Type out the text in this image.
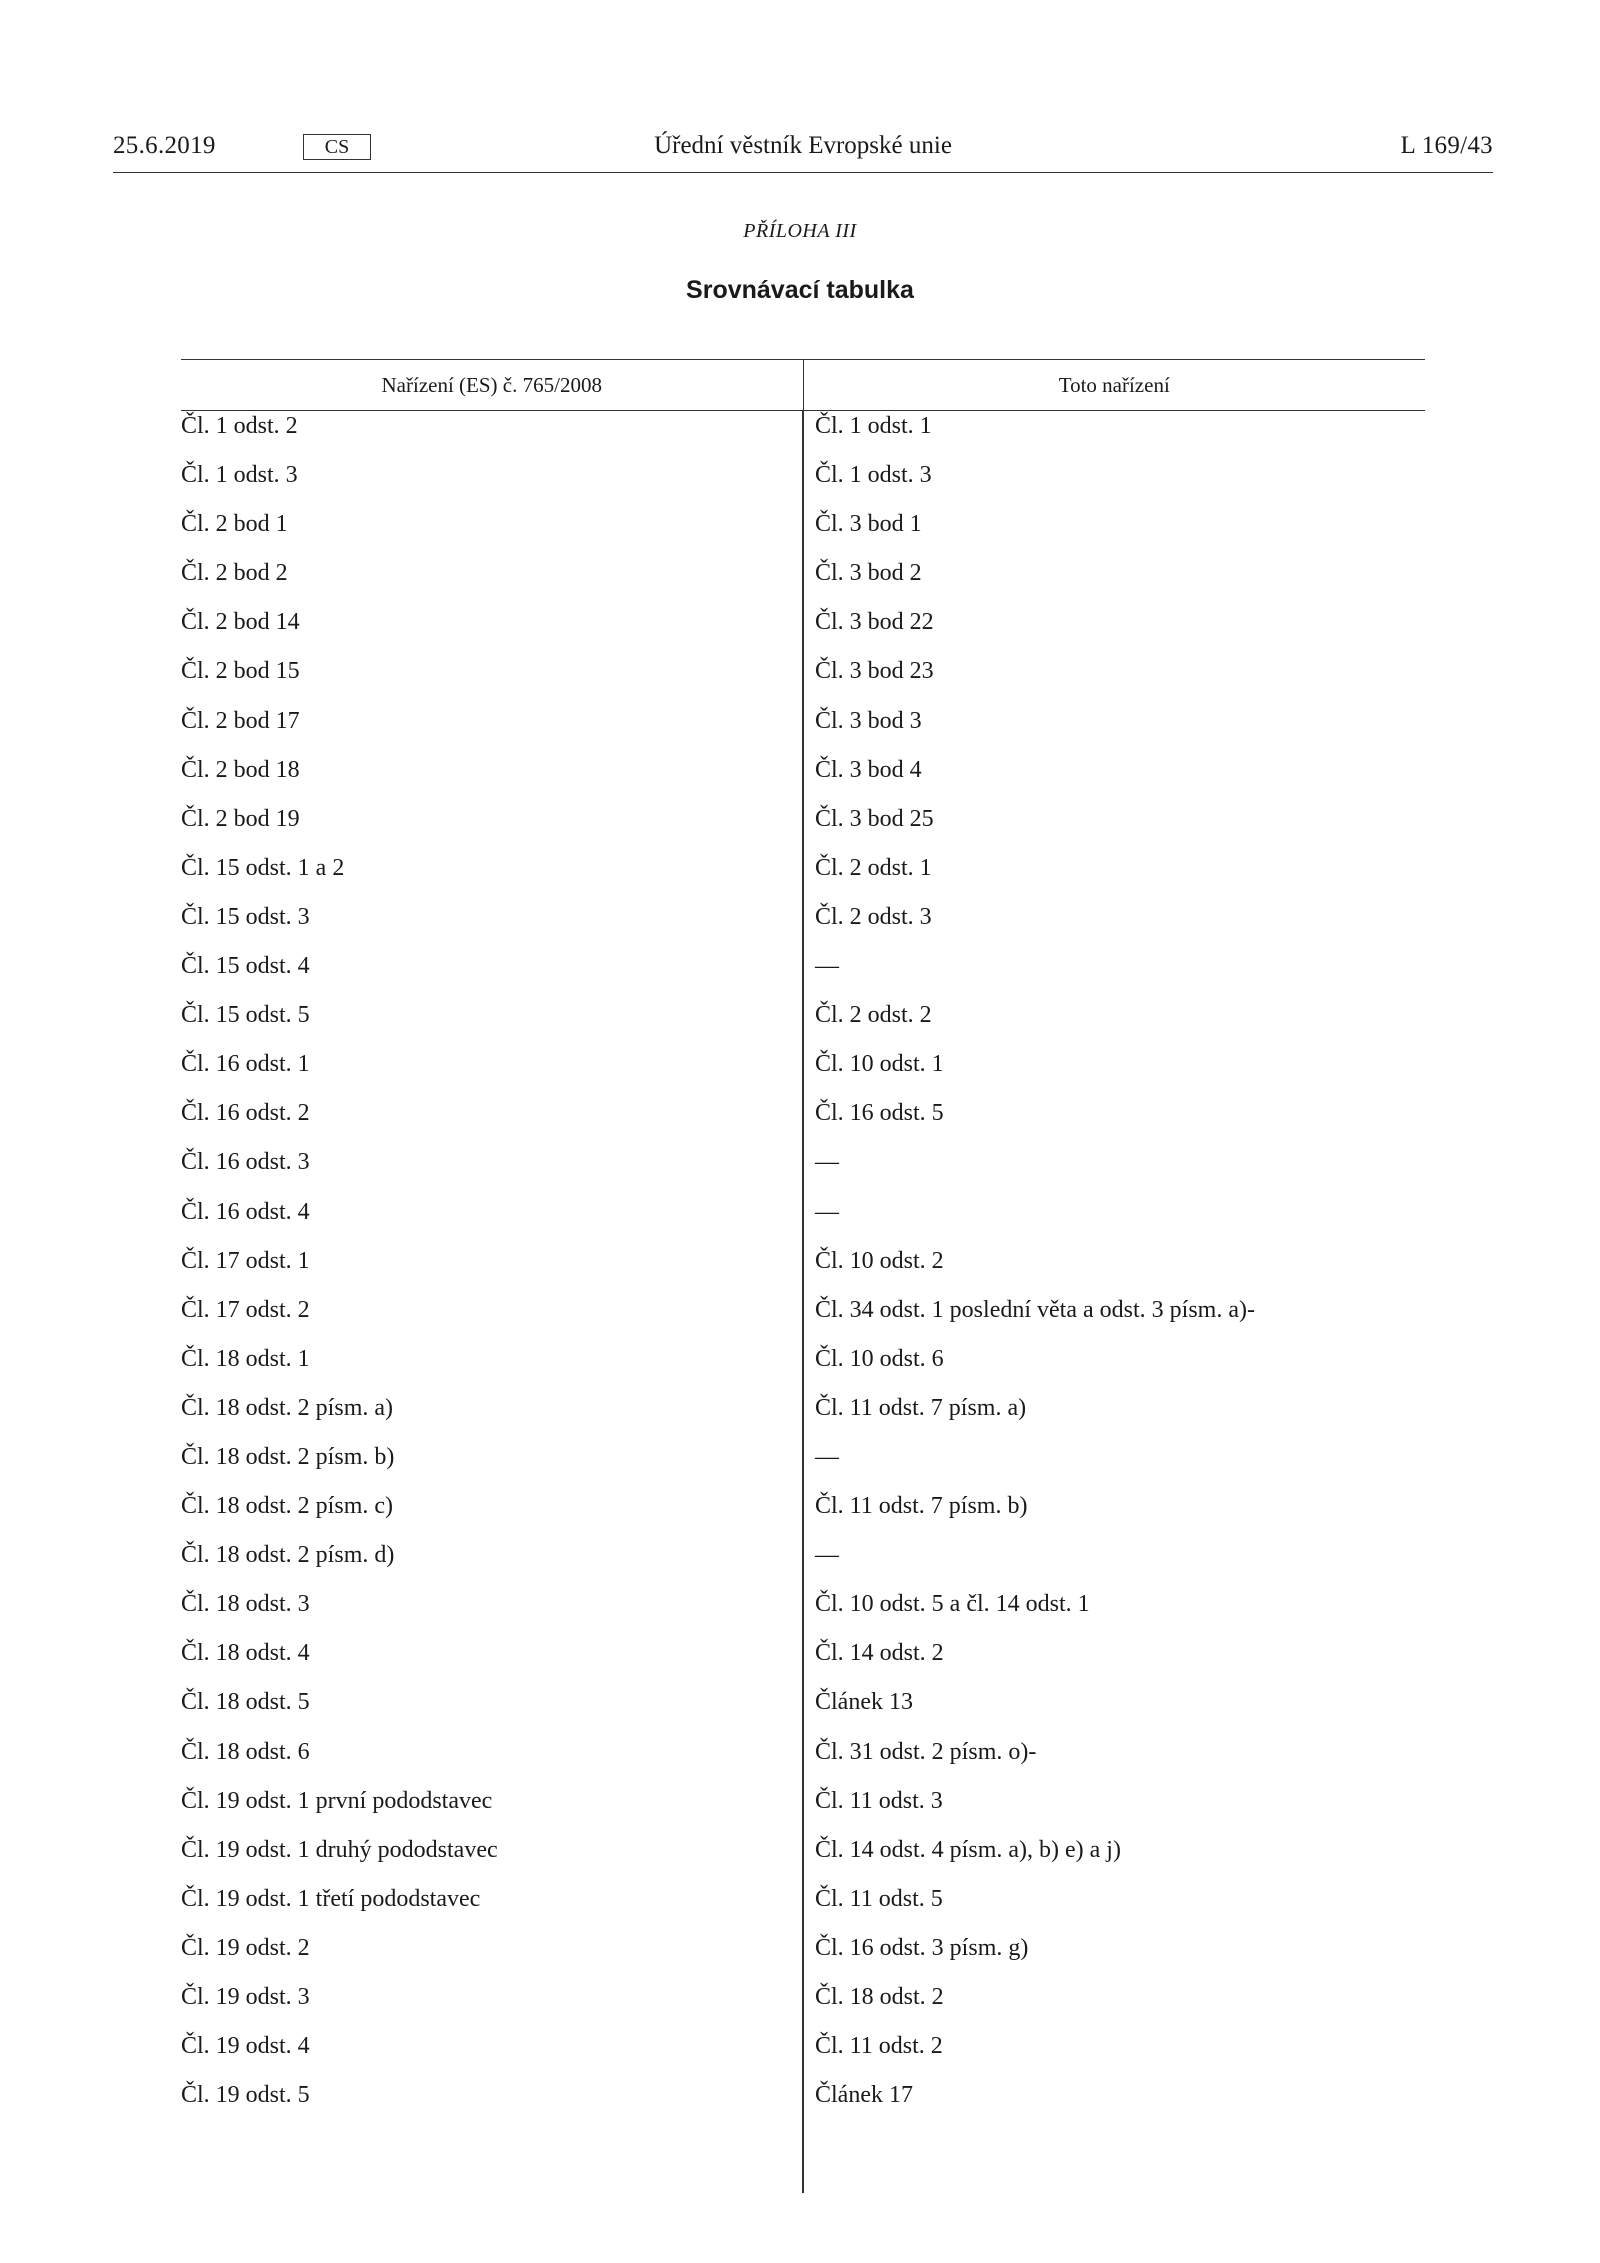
25.6.2019	CS	Úřední věstník Evropské unie	L 169/43
PŘÍLOHA III
Srovnávací tabulka
Nařízení (ES) č. 765/2008	Toto nařízení
Čl. 1 odst. 2	Čl. 1 odst. 1
Čl. 1 odst. 3	Čl. 1 odst. 3
Čl. 2 bod 1	Čl. 3 bod 1
Čl. 2 bod 2	Čl. 3 bod 2
Čl. 2 bod 14	Čl. 3 bod 22
Čl. 2 bod 15	Čl. 3 bod 23
Čl. 2 bod 17	Čl. 3 bod 3
Čl. 2 bod 18	Čl. 3 bod 4
Čl. 2 bod 19	Čl. 3 bod 25
Čl. 15 odst. 1 a 2	Čl. 2 odst. 1
Čl. 15 odst. 3	Čl. 2 odst. 3
Čl. 15 odst. 4	—
Čl. 15 odst. 5	Čl. 2 odst. 2
Čl. 16 odst. 1	Čl. 10 odst. 1
Čl. 16 odst. 2	Čl. 16 odst. 5
Čl. 16 odst. 3	—
Čl. 16 odst. 4	—
Čl. 17 odst. 1	Čl. 10 odst. 2
Čl. 17 odst. 2	Čl. 34 odst. 1 poslední věta a odst. 3 písm. a)-
Čl. 18 odst. 1	Čl. 10 odst. 6
Čl. 18 odst. 2 písm. a)	Čl. 11 odst. 7 písm. a)
Čl. 18 odst. 2 písm. b)	—
Čl. 18 odst. 2 písm. c)	Čl. 11 odst. 7 písm. b)
Čl. 18 odst. 2 písm. d)	—
Čl. 18 odst. 3	Čl. 10 odst. 5 a čl. 14 odst. 1
Čl. 18 odst. 4	Čl. 14 odst. 2
Čl. 18 odst. 5	Článek 13
Čl. 18 odst. 6	Čl. 31 odst. 2 písm. o)-
Čl. 19 odst. 1 první pododstavec	Čl. 11 odst. 3
Čl. 19 odst. 1 druhý pododstavec	Čl. 14 odst. 4 písm. a), b) e) a j)
Čl. 19 odst. 1 třetí pododstavec	Čl. 11 odst. 5
Čl. 19 odst. 2	Čl. 16 odst. 3 písm. g)
Čl. 19 odst. 3	Čl. 18 odst. 2
Čl. 19 odst. 4	Čl. 11 odst. 2
Čl. 19 odst. 5	Článek 17
